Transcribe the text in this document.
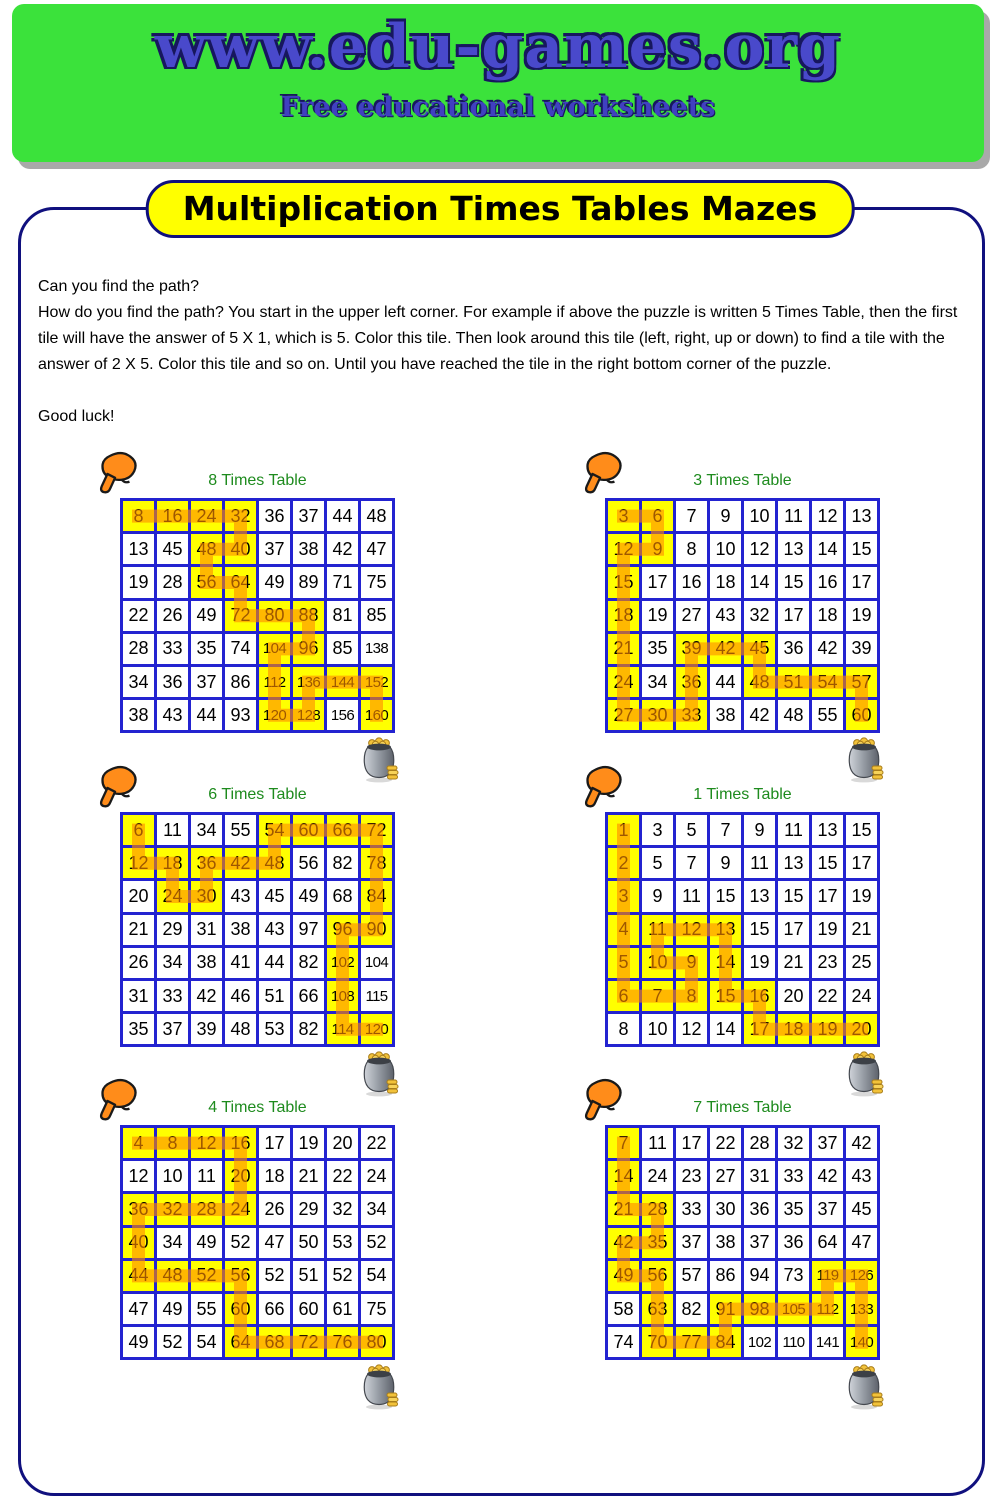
www.edu-games.org
Free educational worksheets
Multiplication Times Tables Mazes

Can you find the path?

How do you find the path? You start in the upper left corner. For example if above the puzzle is written 5 Times Table, then the first tile will have the answer of 5 X 1, which is 5. Color this tile. Then look around this tile (left, right, up or down) to find a tile with the answer of 2 X 5. Color this tile and so on. Until you have reached the tile in the right bottom corner of the puzzle.

Good luck!

8 Times Table
8	16 24 32 36 37 44 48
13 45 48 40 37 38 42 47
19 28 56 64 49 89 71 75
22 26 49 72 80 88 81 85
28 33 35 74 104 96 85 138
34 36 37 86 112 136 144 152
38 43 44 93 120 128 156 160
3 Times Table
3	6	7	9	10 11 12 13
12	9	8	10 12 13 14 15
15 17 16 18 14 15 16 17
18 19 27 43 32 17 18 19
21 35 39 42 45 36 42 39
24 34 36 44 48 51 54 57
27 30 33 38 42 48 55 60
6 Times Table
6	11 34 55 54 60 66 72
12 18 36 42 48 56 82 78
20 24 30 43 45 49 68 84
21 29 31 38 43 97 96 90
26 34 38 41 44 82 102 104
31 33 42 46 51 66 108 115
35 37 39 48 53 82 114 120
1 Times Table
1	3	5	7	9	11 13 15
2	5	7	9	11 13 15 17
3	9	11 15 13 15 17 19
4	11 12 13 15 17 19 21
5	10	9	14 19 21 23 25
6	7	8	15 16 20 22 24
8	10 12 14 17 18 19 20
4 Times Table
4	8	12 16 17 19 20 22
12 10 11 20 18 21 22 24
36 32 28 24 26 29 32 34
40 34 49 52 47 50 53 52
44 48 52 56 52 51 52 54
47 49 55 60 66 60 61 75
49 52 54 64 68 72 76 80
7 Times Table
7	11 17 22 28 32 37 42
14 24 23 27 31 33 42 43
21 28 33 30 36 35 37 45
42 35 37 38 37 36 64 47
49 56 57 86 94 73 119 126
58 63 82 91 98 105 112 133
74 70 77 84 102 110 141 140
